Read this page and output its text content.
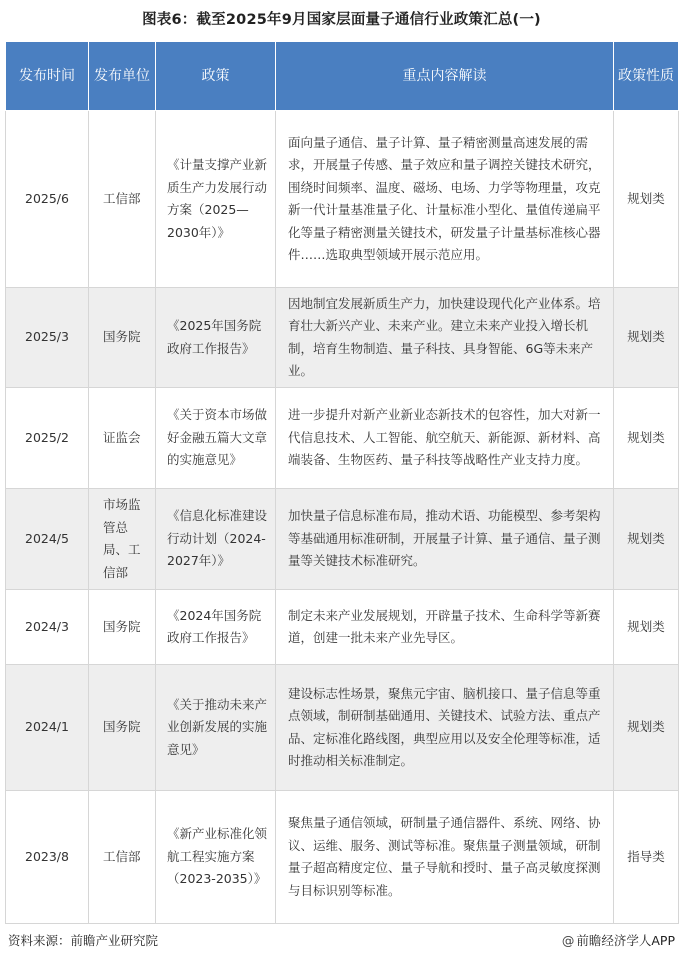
图表6：截至2025年9月国家层面量子通信行业政策汇总(一)
发布时间	发布单位	政策	重点内容解读	政策性质
2025/6	工信部	《计量支撑产业新质生产力发展行动方案（2025—2030年）》	面向量子通信、量子计算、量子精密测量高速发展的需求，开展量子传感、量子效应和量子调控关键技术研究，围绕时间频率、温度、磁场、电场、力学等物理量，攻克新一代计量基准量子化、计量标准小型化、量值传递扁平化等量子精密测量关键技术，研发量子计量基标准核心器件……选取典型领域开展示范应用。	规划类
2025/3	国务院	《2025年国务院政府工作报告》	因地制宜发展新质生产力，加快建设现代化产业体系。培育壮大新兴产业、未来产业。建立未来产业投入增长机制，培育生物制造、量子科技、具身智能、6G等未来产业。	规划类
2025/2	证监会	《关于资本市场做好金融五篇大文章的实施意见》	进一步提升对新产业新业态新技术的包容性，加大对新一代信息技术、人工智能、航空航天、新能源、新材料、高端装备、生物医药、量子科技等战略性产业支持力度。	规划类
2024/5	市场监管总局、工信部	《信息化标准建设行动计划（2024-2027年）》	加快量子信息标准布局，推动术语、功能模型、参考架构等基础通用标准研制，开展量子计算、量子通信、量子测量等关键技术标准研究。	规划类
2024/3	国务院	《2024年国务院政府工作报告》	制定未来产业发展规划，开辟量子技术、生命科学等新赛道，创建一批未来产业先导区。	规划类
2024/1	国务院	《关于推动未来产业创新发展的实施意见》	建设标志性场景，聚焦元宇宙、脑机接口、量子信息等重点领域，制研制基础通用、关键技术、试验方法、重点产品、定标准化路线图，典型应用以及安全伦理等标准，适时推动相关标准制定。	规划类
2023/8	工信部	《新产业标准化领航工程实施方案（2023-2035）》	聚焦量子通信领域，研制量子通信器件、系统、网络、协议、运维、服务、测试等标准。聚焦量子测量领域，研制量子超高精度定位、量子导航和授时、量子高灵敏度探测与目标识别等标准。	指导类
资料来源：前瞻产业研究院	@ 前瞻经济学人APP
